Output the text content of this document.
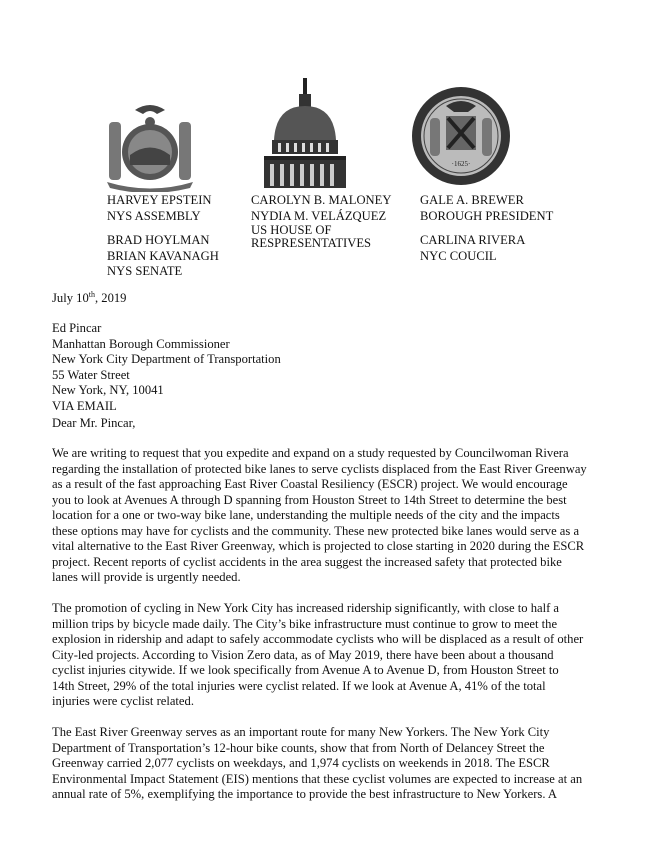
·1625·
HARVEY EPSTEIN
NYS ASSEMBLY
BRAD HOYLMAN
BRIAN KAVANAGH
NYS SENATE
CAROLYN B. MALONEY
NYDIA M. VELÁZQUEZ
US HOUSE OF
RESPRESENTATIVES
GALE A. BREWER
BOROUGH PRESIDENT
CARLINA RIVERA
NYC COUCIL
July 10th, 2019
Ed Pincar
Manhattan Borough Commissioner
New York City Department of Transportation
55 Water Street
New York, NY, 10041
VIA EMAIL
Dear Mr. Pincar,
We are writing to request that you expedite and expand on a study requested by Councilwoman Rivera
regarding the installation of protected bike lanes to serve cyclists displaced from the East River Greenway
as a result of the fast approaching East River Coastal Resiliency (ESCR) project. We would encourage
you to look at Avenues A through D spanning from Houston Street to 14th Street to determine the best
location for a one or two-way bike lane, understanding the multiple needs of the city and the impacts
these options may have for cyclists and the community. These new protected bike lanes would serve as a
vital alternative to the East River Greenway, which is projected to close starting in 2020 during the ESCR
project. Recent reports of cyclist accidents in the area suggest the increased safety that protected bike
lanes will provide is urgently needed.
The promotion of cycling in New York City has increased ridership significantly, with close to half a
million trips by bicycle made daily. The City’s bike infrastructure must continue to grow to meet the
explosion in ridership and adapt to safely accommodate cyclists who will be displaced as a result of other
City-led projects. According to Vision Zero data, as of May 2019, there have been about a thousand
cyclist injuries citywide. If we look specifically from Avenue A to Avenue D, from Houston Street to
14th Street, 29% of the total injuries were cyclist related. If we look at Avenue A, 41% of the total
injuries were cyclist related.
The East River Greenway serves as an important route for many New Yorkers. The New York City
Department of Transportation’s 12-hour bike counts, show that from North of Delancey Street the
Greenway carried 2,077 cyclists on weekdays, and 1,974 cyclists on weekends in 2018. The ESCR
Environmental Impact Statement (EIS) mentions that these cyclist volumes are expected to increase at an
annual rate of 5%, exemplifying the importance to provide the best infrastructure to New Yorkers. A
